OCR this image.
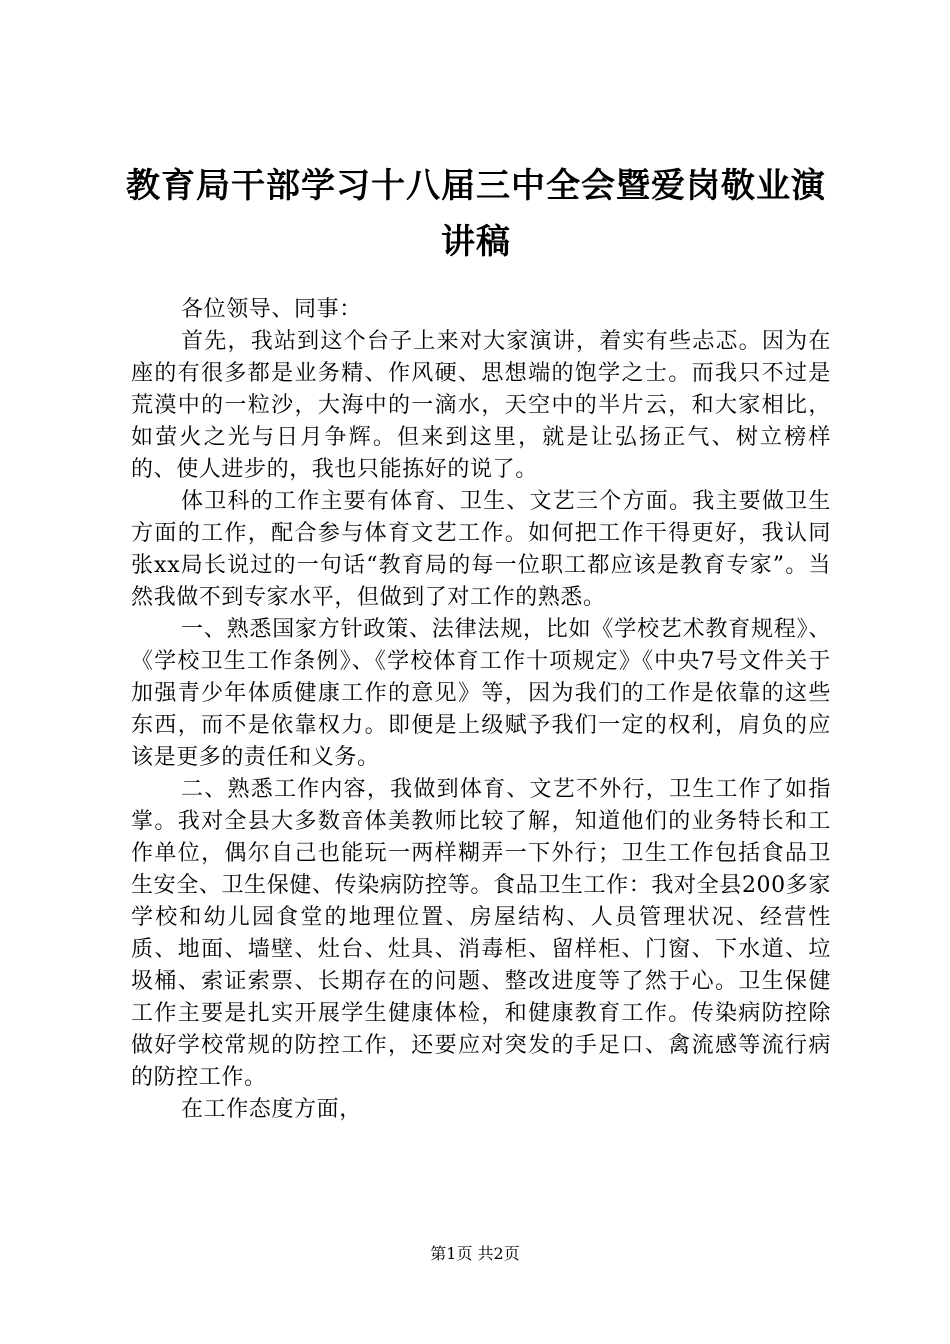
教育局干部学习十八届三中全会暨爱岗敬业演讲稿

各位领导、同事：

首先，我站到这个台子上来对大家演讲，着实有些忐忑。因为在座的有很多都是业务精、作风硬、思想端的饱学之士。而我只不过是荒漠中的一粒沙，大海中的一滴水，天空中的半片云，和大家相比，如萤火之光与日月争辉。但来到这里，就是让弘扬正气、树立榜样的、使人进步的，我也只能拣好的说了。

体卫科的工作主要有体育、卫生、文艺三个方面。我主要做卫生方面的工作，配合参与体育文艺工作。如何把工作干得更好，我认同张xx局长说过的一句话“教育局的每一位职工都应该是教育专家”。当然我做不到专家水平，但做到了对工作的熟悉。

一、熟悉国家方针政策、法律法规，比如《学校艺术教育规程》、《学校卫生工作条例》、《学校体育工作十项规定》《中央7号文件关于加强青少年体质健康工作的意见》等，因为我们的工作是依靠的这些东西，而不是依靠权力。即便是上级赋予我们一定的权利，肩负的应该是更多的责任和义务。

二、熟悉工作内容，我做到体育、文艺不外行，卫生工作了如指掌。我对全县大多数音体美教师比较了解，知道他们的业务特长和工作单位，偶尔自己也能玩一两样糊弄一下外行；卫生工作包括食品卫生安全、卫生保健、传染病防控等。食品卫生工作：我对全县200多家学校和幼儿园食堂的地理位置、房屋结构、人员管理状况、经营性质、地面、墙壁、灶台、灶具、消毒柜、留样柜、门窗、下水道、垃圾桶、索证索票、长期存在的问题、整改进度等了然于心。卫生保健工作主要是扎实开展学生健康体检，和健康教育工作。传染病防控除做好学校常规的防控工作，还要应对突发的手足口、禽流感等流行病的防控工作。

在工作态度方面，

第1页 共2页
